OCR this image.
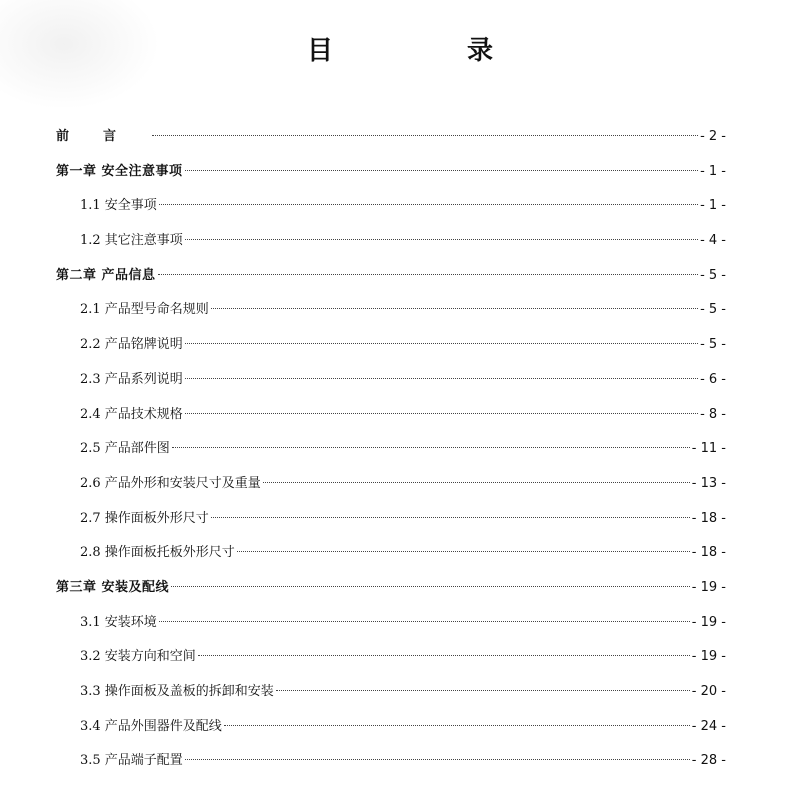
目　录
前言	- 2 -
第一章 安全注意事项	- 1 -
1.1 安全事项	- 1 -
1.2 其它注意事项	- 4 -
第二章 产品信息	- 5 -
2.1 产品型号命名规则	- 5 -
2.2 产品铭牌说明	- 5 -
2.3 产品系列说明	- 6 -
2.4 产品技术规格	- 8 -
2.5 产品部件图	- 11 -
2.6 产品外形和安装尺寸及重量	- 13 -
2.7 操作面板外形尺寸	- 18 -
2.8 操作面板托板外形尺寸	- 18 -
第三章 安装及配线	- 19 -
3.1 安装环境	- 19 -
3.2 安装方向和空间	- 19 -
3.3 操作面板及盖板的拆卸和安装	- 20 -
3.4 产品外围器件及配线	- 24 -
3.5 产品端子配置	- 28 -
